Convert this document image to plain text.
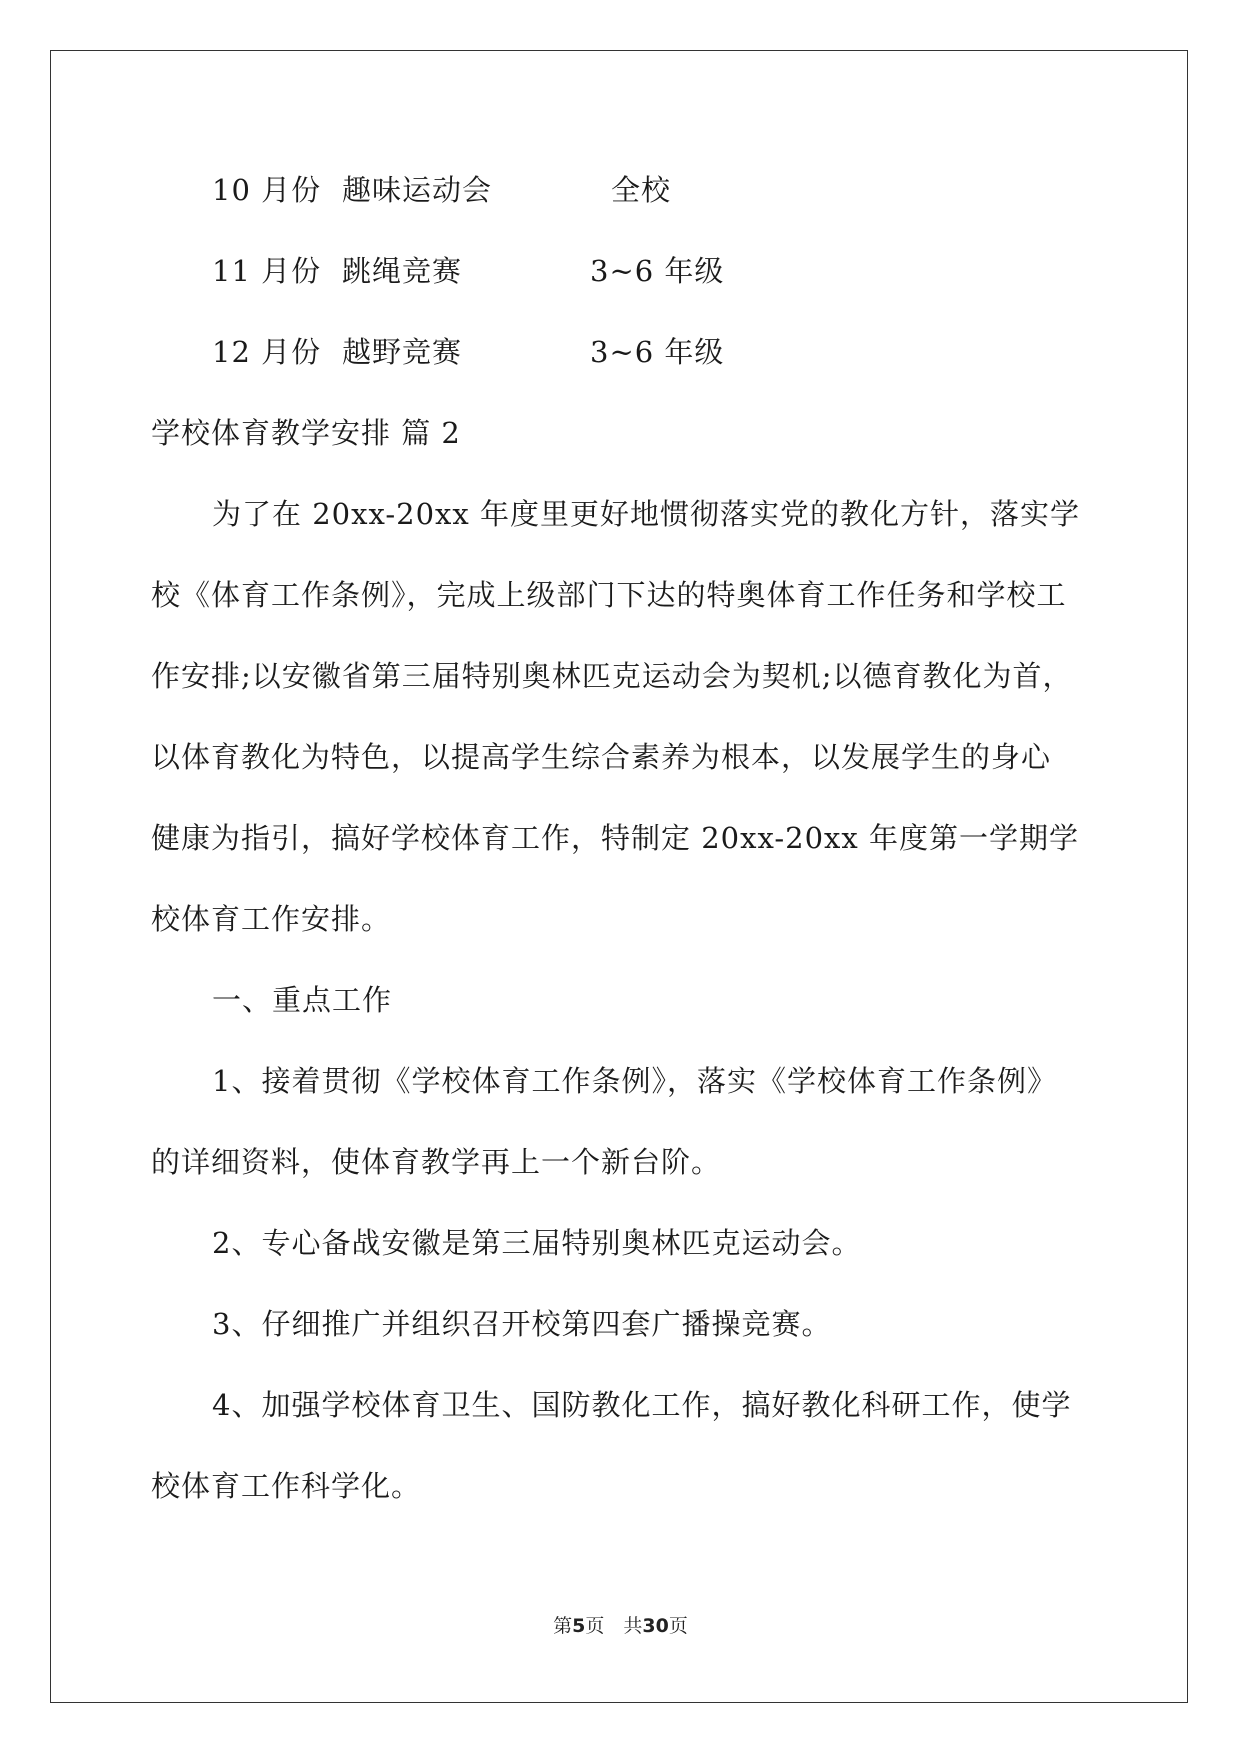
10 月份 趣味运动会	全校
11 月份 跳绳竞赛	3~6 年级
12 月份 越野竞赛	3~6 年级
学校体育教学安排 篇 2
为了在 20xx-20xx 年度里更好地惯彻落实党的教化方针，落实学
校《体育工作条例》，完成上级部门下达的特奥体育工作任务和学校工
作安排;以安徽省第三届特别奥林匹克运动会为契机;以德育教化为首，
以体育教化为特色，以提高学生综合素养为根本，以发展学生的身心
健康为指引，搞好学校体育工作，特制定 20xx-20xx 年度第一学期学
校体育工作安排。
一、重点工作
1、接着贯彻《学校体育工作条例》，落实《学校体育工作条例》
的详细资料，使体育教学再上一个新台阶。
2、专心备战安徽是第三届特别奥林匹克运动会。
3、仔细推广并组织召开校第四套广播操竞赛。
4、加强学校体育卫生、国防教化工作，搞好教化科研工作，使学
校体育工作科学化。
第5页　共30页
